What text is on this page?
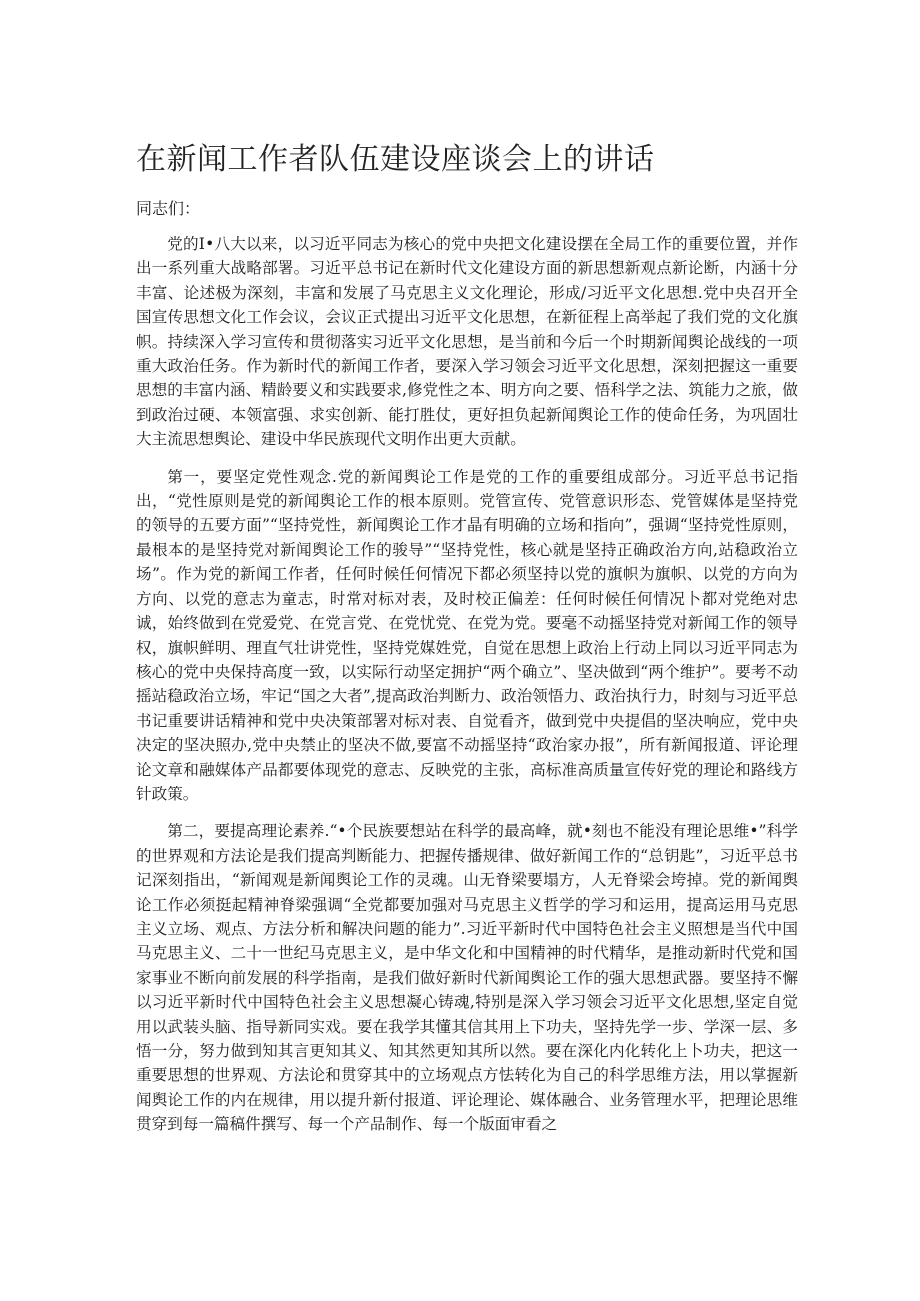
在新闻工作者队伍建设座谈会上的讲话

同志们：

党的Ⅰ•八大以来，以习近平同志为核心的党中央把文化建设摆在全局工作的重要位置，并作出一系列重大战略部署。习近平总书记在新时代文化建设方面的新思想新观点新论断，内涵十分丰富、论述极为深刻，丰富和发展了马克思主义文化理论，形成/习近平文化思想.党中央召开全国宣传思想文化工作会议，会议正式提出习近平文化思想，在新征程上高举起了我们党的文化旗帜。持续深入学习宣传和贯彻落实习近平文化思想，是当前和今后一个时期新闻舆论战线的一项重大政治任务。作为新时代的新闻工作者，要深入学习领会习近平文化思想，深刻把握这一重要思想的丰富内涵、精龄要义和实践要求,修党性之本、明方向之要、悟科学之法、筑能力之旅，做到政治过硬、本领富强、求实创新、能打胜仗，更好担负起新闻舆论工作的使命任务，为巩固壮大主流思想舆论、建设中华民族现代文明作出更大贡献。

第一，要坚定党性观念.党的新闻舆论工作是党的工作的重要组成部分。习近平总书记指出，“党性原则是党的新闻舆论工作的根本原则。党管宣传、党管意识形态、党管媒体是坚持党的领导的五要方面”“坚持党性，新闻舆论工作才晶有明确的立场和指向”，强调“坚持党性原则，最根本的是坚持党对新闻舆论工作的骏导”“坚持党性，核心就是坚持正确政治方向,站稳政治立场”。作为党的新闻工作者，任何时候任何情况下都必须坚持以党的旗帜为旗帜、以党的方向为方向、以党的意志为童志，时常对标对表，及时校正偏差：任何时候任何情况卜都对党绝对忠诚，始终做到在党爱党、在党言党、在党忧党、在党为党。要毫不动摇坚持党对新闻工作的领导权，旗帜鲜明、理直气壮讲党性，坚持党媒姓党，自觉在思想上政治上行动上同以习近平同志为核心的党中央保持高度一致，以实际行动坚定拥护“两个确立”、坚决做到“两个维护”。要考不动摇站稳政治立场，牢记“国之大者”,提高政治判断力、政治领悟力、政治执行力，时刻与习近平总书记重要讲话精神和党中央决策部署对标对表、自觉看齐，做到党中央提倡的坚决响应，党中央决定的坚决照办,党中央禁止的坚决不做,要富不动摇坚持“政治家办报”，所有新闻报道、评论理论文章和融媒体产品都要体现党的意志、反映党的主张，高标准高质量宣传好党的理论和路线方针政策。

第二，要提高理论素养.“•个民族要想站在科学的最高峰，就•刻也不能没有理论思维•”科学的世界观和方法论是我们提高判断能力、把握传播规律、做好新闻工作的“总钥匙”，习近平总书记深刻指出，“新闻观是新闻舆论工作的灵魂。山无脊梁要塌方，人无脊梁会垮掉。党的新闻舆论工作必须挺起精神脊梁强调“全党都要加强对马克思主义哲学的学习和运用，提高运用马克思主义立场、观点、方法分析和解决问题的能力”.习近平新时代中国特色社会主义照想是当代中国马克思主义、二十一世纪马克思主义，是中华文化和中国精神的时代精华，是推动新时代党和国家事业不断向前发展的科学指南，是我们做好新时代新闻舆论工作的强大思想武器。要坚持不懈以习近平新时代中国特色社会主义思想凝心铸魂,特别是深入学习领会习近平文化思想,坚定自觉用以武装头脑、指导新同实戏。要在我学其懂其信其用上下功夫，坚持先学一步、学深一层、多悟一分，努力做到知其言更知其义、知其然更知其所以然。要在深化内化转化上卜功夫，把这一重要思想的世界观、方法论和贯穿其中的立场观点方怯转化为自己的科学思维方法，用以掌握新闻舆论工作的内在规律，用以提升新付报道、评论理论、媒体融合、业务管理水平，把理论思维贯穿到每一篇稿件撰写、每一个产品制作、每一个版面审看之
